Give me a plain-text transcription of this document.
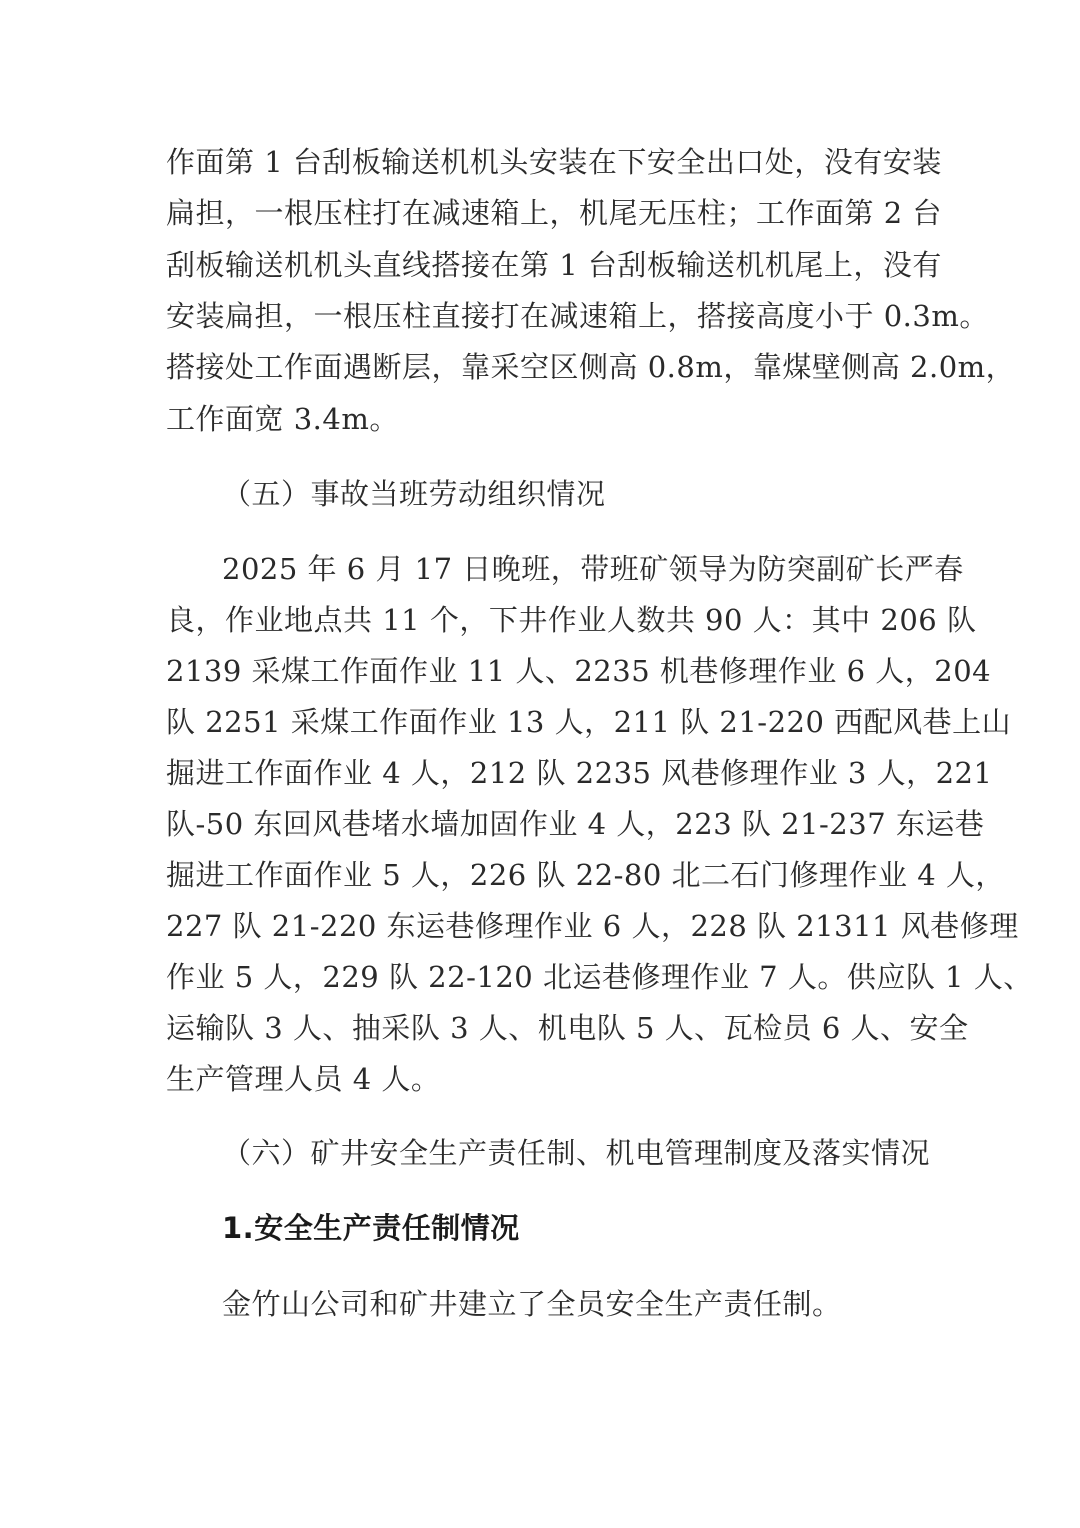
作面第 1 台刮板输送机机头安装在下安全出口处，没有安装
扁担，一根压柱打在减速箱上，机尾无压柱；工作面第 2 台
刮板输送机机头直线搭接在第 1 台刮板输送机机尾上，没有
安装扁担，一根压柱直接打在减速箱上，搭接高度小于 0.3m。
搭接处工作面遇断层，靠采空区侧高 0.8m，靠煤壁侧高 2.0m，
工作面宽 3.4m。
（五）事故当班劳动组织情况
2025 年 6 月 17 日晚班，带班矿领导为防突副矿长严春
良，作业地点共 11 个，下井作业人数共 90 人：其中 206 队
2139 采煤工作面作业 11 人、2235 机巷修理作业 6 人，204
队 2251 采煤工作面作业 13 人，211 队 21-220 西配风巷上山
掘进工作面作业 4 人，212 队 2235 风巷修理作业 3 人，221
队-50 东回风巷堵水墙加固作业 4 人，223 队 21-237 东运巷
掘进工作面作业 5 人，226 队 22-80 北二石门修理作业 4 人，
227 队 21-220 东运巷修理作业 6 人，228 队 21311 风巷修理
作业 5 人，229 队 22-120 北运巷修理作业 7 人。供应队 1 人、
运输队 3 人、抽采队 3 人、机电队 5 人、瓦检员 6 人、安全
生产管理人员 4 人。
（六）矿井安全生产责任制、机电管理制度及落实情况
1.安全生产责任制情况
金竹山公司和矿井建立了全员安全生产责任制。
